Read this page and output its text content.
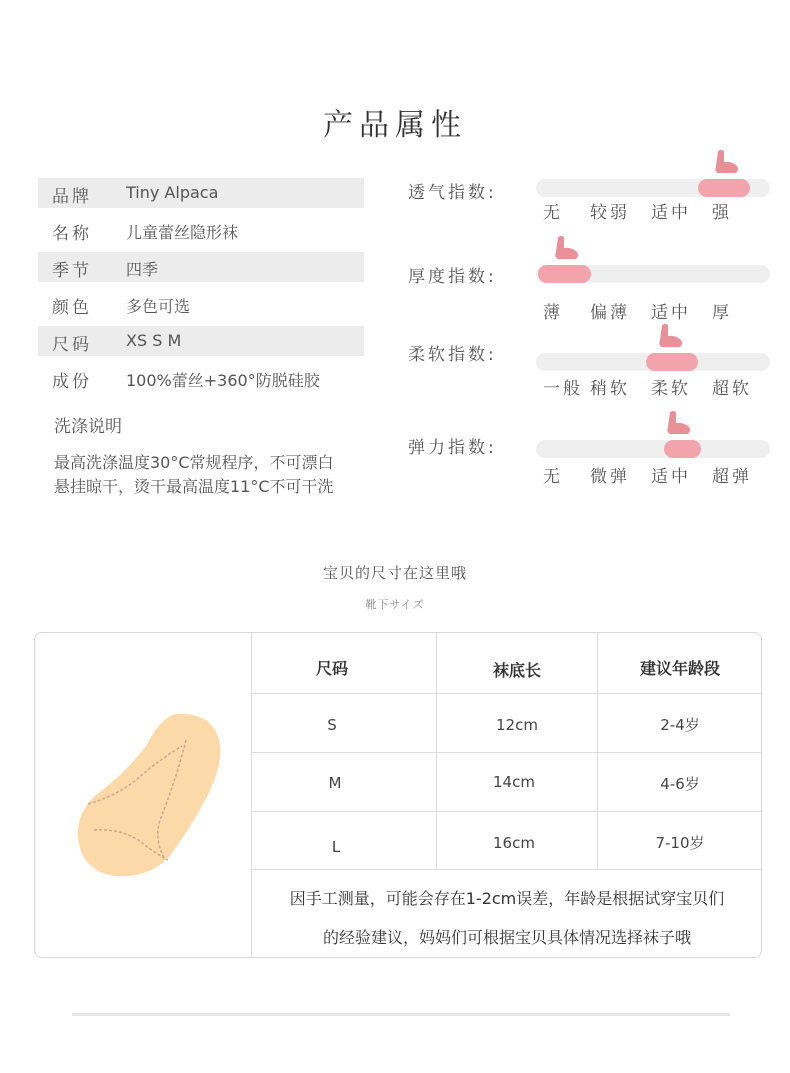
产品属性
品牌 Tiny Alpaca
名称 儿童蕾丝隐形袜
季节 四季
颜色 多色可选
尺码 XS S M
成份 100%蕾丝+360°防脱硅胶
洗涤说明
最高洗涤温度30°C常规程序，不可漂白
悬挂晾干，烫干最高温度11°C不可干洗
透气指数:
无 较弱 适中 强
厚度指数:
薄 偏薄 适中 厚
柔软指数:
一般 稍软 柔软 超软
弹力指数:
无 微弹 适中 超弹
宝贝的尺寸在这里哦
靴下サイズ
尺码	袜底长	建议年龄段
S	12cm	2-4岁
M	14cm	4-6岁
L	16cm	7-10岁
因手工测量，可能会存在1-2cm误差，年龄是根据试穿宝贝们
的经验建议，妈妈们可根据宝贝具体情况选择袜子哦
